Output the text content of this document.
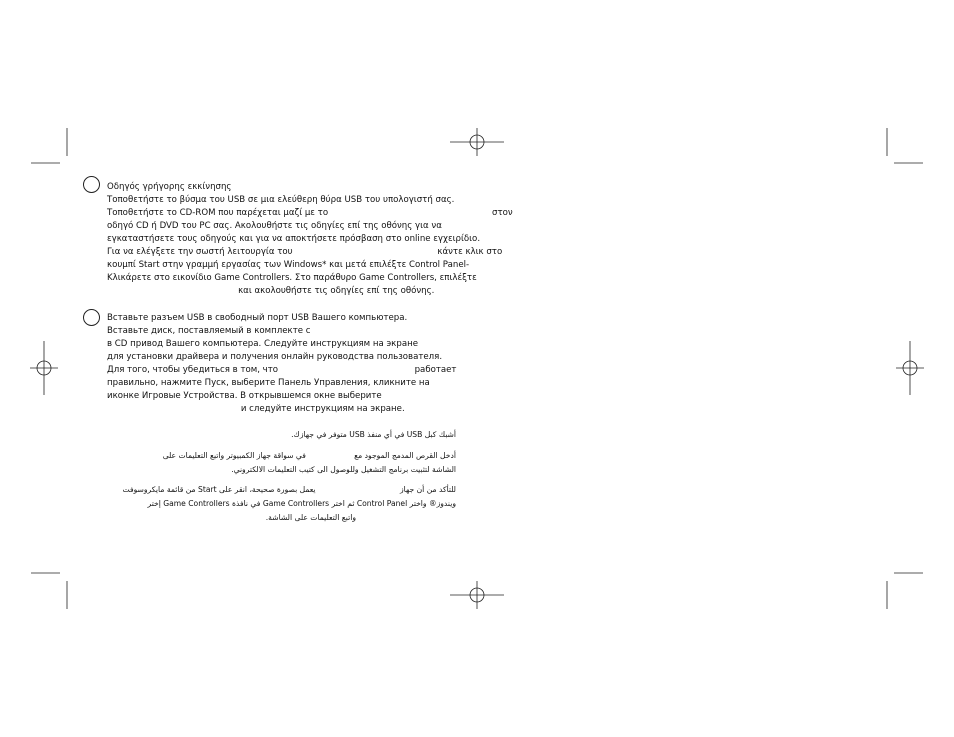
Οδηγός γρήγορης εκκίνησης
Τοποθετήστε το βύσμα του USB σε μια ελεύθερη θύρα USB του υπολογιστή σας.
Τοποθετήστε το CD-ROM που παρέχεται μαζί με το                                                            στον
οδηγό CD ή DVD του PC σας. Ακολουθήστε τις οδηγίες επί της οθόνης για να
εγκαταστήσετε τους οδηγούς και για να αποκτήσετε πρόσβαση στο online εγχειρίδιο.
Για να ελέγξετε την σωστή λειτουργία του                                                     κάντε κλικ στο
κουμπί Start στην γραμμή εργασίας των Windows* και μετά επιλέξτε Control Panel-
Κλικάρετε στο εικονίδιο Game Controllers. Στο παράθυρο Game Controllers, επιλέξτε
και ακολουθήστε τις οδηγίες επί της οθόνης.
Вставьте разъем USB в свободный порт USB Вашего компьютера.
Вставьте диск, поставляемый в комплекте с
в CD привод Вашего компьютера. Следуйте инструкциям на экране
для установки драйвера и получения онлайн руководства пользователя.
Для того, чтобы убедиться в том, что                                                  работает
правильно, нажмите Пуск, выберите Панель Управления, кликните на
иконке Игровые Устройства. В открывшемся окне выберите
и следуйте инструкциям на экране.
أشبك كبل USB في أي منفذ USB متوفر في جهازك.
أدخل القرص المدمج الموجود مع                    في سواقة جهاز الكمبيوتر واتبع التعليمات على
الشاشة لتثبيت برنامج التشغيل وللوصول الى كتيب التعليمات الالكتروني.
للتأكد من أن جهاز                                   يعمل بصورة صحيحة، انقر على Start من قائمة مايكروسوفت
ويندوز® واختر Control Panel ثم اختر Game Controllers في نافذة Game Controllers إختر
واتبع التعليمات على الشاشة.
